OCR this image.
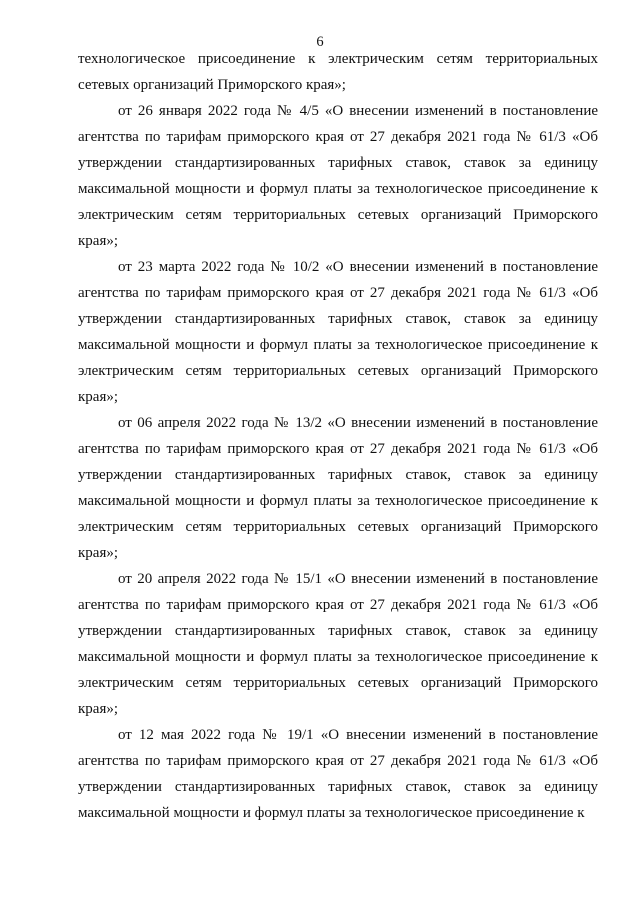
6

технологическое присоединение к электрическим сетям территориальных сетевых организаций Приморского края»;

от 26 января 2022 года № 4/5 «О внесении изменений в постановление агентства по тарифам приморского края от 27 декабря 2021 года № 61/3 «Об утверждении стандартизированных тарифных ставок, ставок за единицу максимальной мощности и формул платы за технологическое присоединение к электрическим сетям территориальных сетевых организаций Приморского края»;

от 23 марта 2022 года № 10/2 «О внесении изменений в постановление агентства по тарифам приморского края от 27 декабря 2021 года № 61/3 «Об утверждении стандартизированных тарифных ставок, ставок за единицу максимальной мощности и формул платы за технологическое присоединение к электрическим сетям территориальных сетевых организаций Приморского края»;

от 06 апреля 2022 года № 13/2 «О внесении изменений в постановление агентства по тарифам приморского края от 27 декабря 2021 года № 61/3 «Об утверждении стандартизированных тарифных ставок, ставок за единицу максимальной мощности и формул платы за технологическое присоединение к электрическим сетям территориальных сетевых организаций Приморского края»;

от 20 апреля 2022 года № 15/1 «О внесении изменений в постановление агентства по тарифам приморского края от 27 декабря 2021 года № 61/3 «Об утверждении стандартизированных тарифных ставок, ставок за единицу максимальной мощности и формул платы за технологическое присоединение к электрическим сетям территориальных сетевых организаций Приморского края»;

от 12 мая 2022 года № 19/1 «О внесении изменений в постановление агентства по тарифам приморского края от 27 декабря 2021 года № 61/3 «Об утверждении стандартизированных тарифных ставок, ставок за единицу максимальной мощности и формул платы за технологическое присоединение к
